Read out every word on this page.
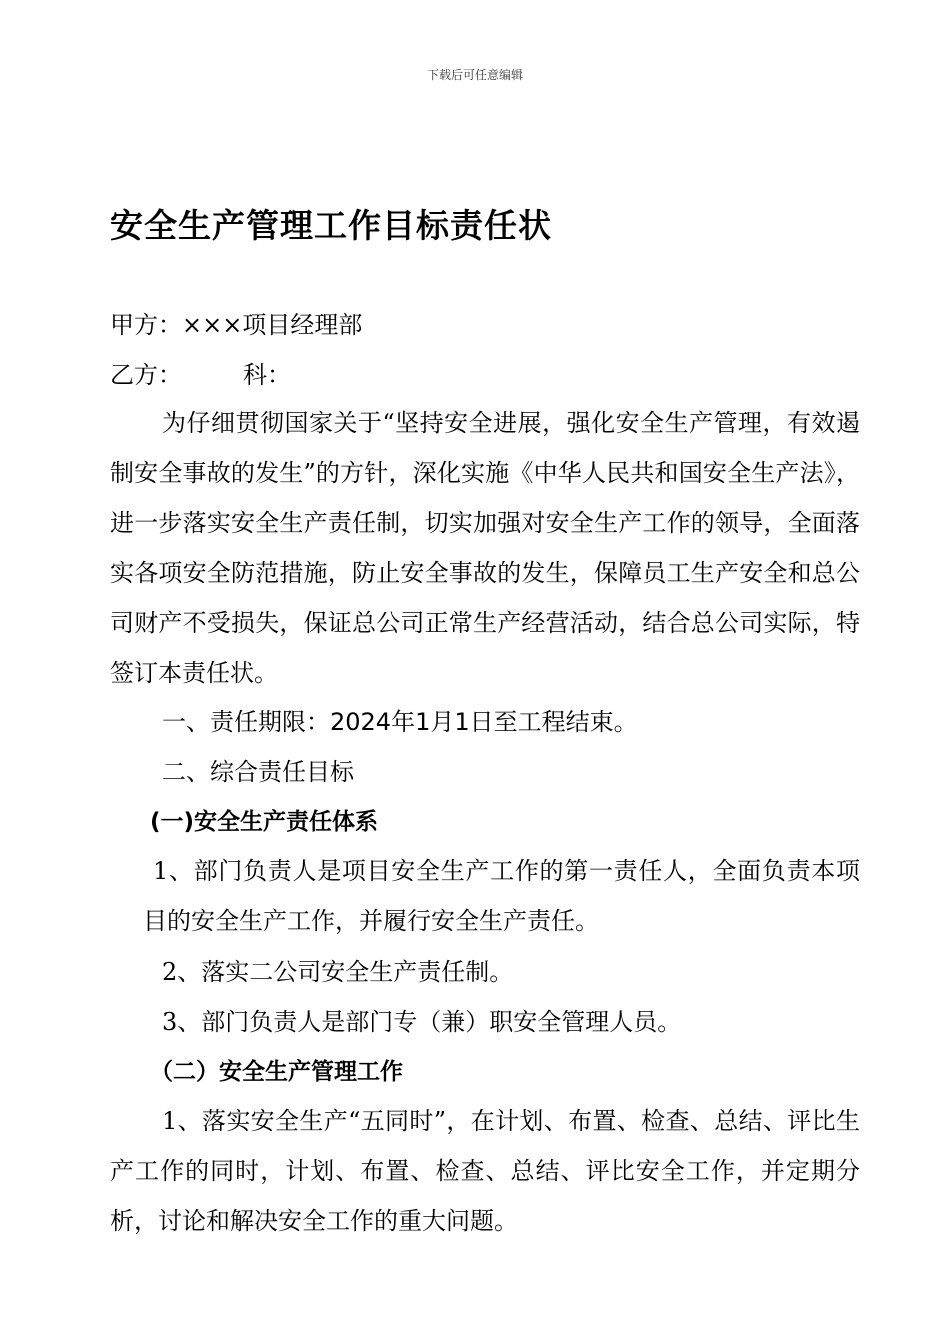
下载后可任意编辑
安全生产管理工作目标责任状
甲方：×××项目经理部
乙方：        科：
为仔细贯彻国家关于“坚持安全进展，强化安全生产管理，有效遏制安全事故的发生”的方针，深化实施《中华人民共和国安全生产法》，进一步落实安全生产责任制，切实加强对安全生产工作的领导，全面落实各项安全防范措施，防止安全事故的发生，保障员工生产安全和总公司财产不受损失，保证总公司正常生产经营活动，结合总公司实际，特签订本责任状。
一、责任期限：2024年1月1日至工程结束。
二、综合责任目标
(一)安全生产责任体系
1、部门负责人是项目安全生产工作的第一责任人，全面负责本项目的安全生产工作，并履行安全生产责任。
2、落实二公司安全生产责任制。
3、部门负责人是部门专（兼）职安全管理人员。
（二）安全生产管理工作
1、落实安全生产“五同时”，在计划、布置、检查、总结、评比生产工作的同时，计划、布置、检查、总结、评比安全工作，并定期分析，讨论和解决安全工作的重大问题。
